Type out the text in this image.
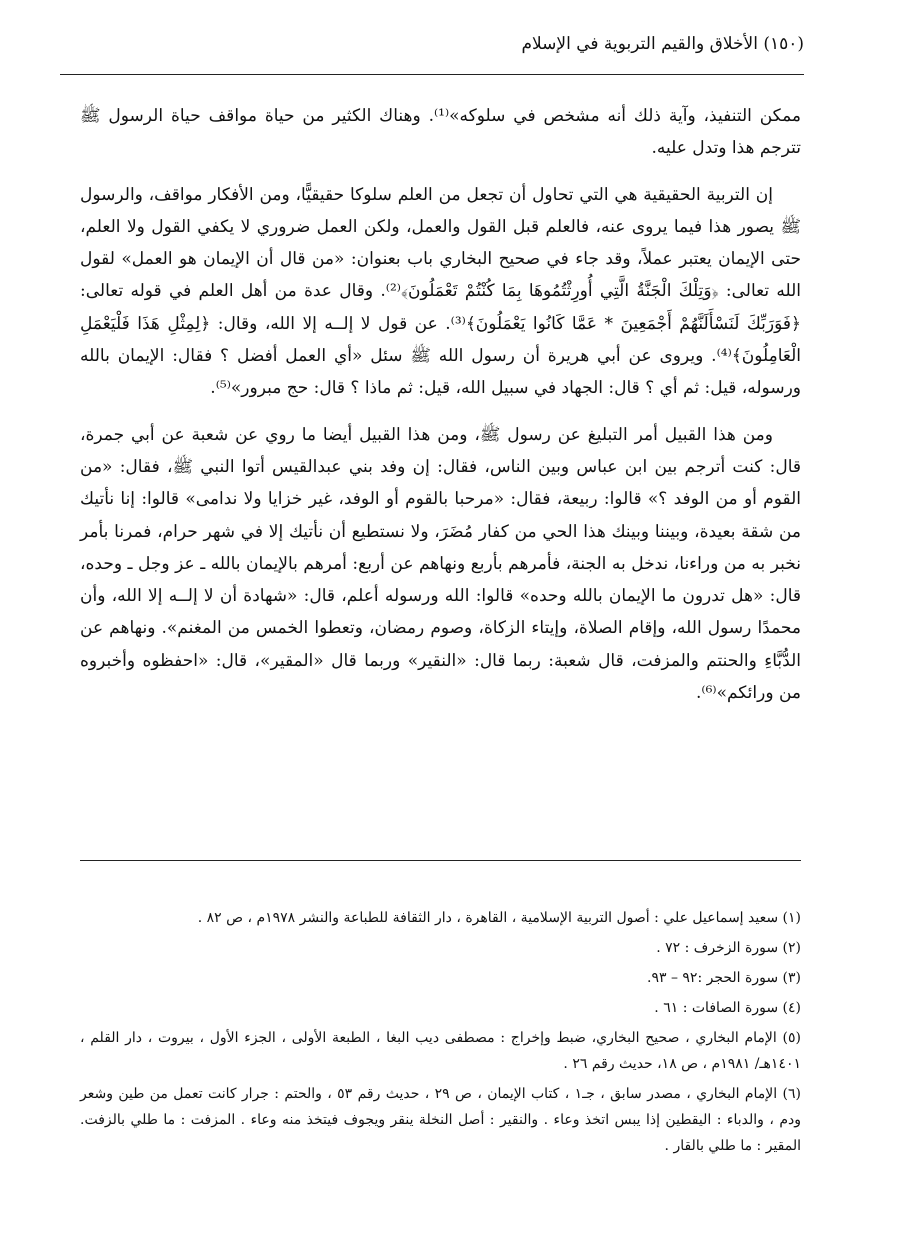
(١٥٠) الأخلاق والقيم التربوية في الإسلام

ممكن التنفيذ، وآية ذلك أنه مشخص في سلوكه»⁽¹⁾. وهناك الكثير من حياة مواقف حياة الرسول ﷺ تترجم هذا وتدل عليه.

إن التربية الحقيقية هي التي تحاول أن تجعل من العلم سلوكا حقيقيًّا، ومن الأفكار مواقف، والرسول ﷺ يصور هذا فيما يروى عنه، فالعلم قبل القول والعمل، ولكن العمل ضروري لا يكفي القول ولا العلم، حتى الإيمان يعتبر عملاً، وقد جاء في صحيح البخاري باب بعنوان: «من قال أن الإيمان هو العمل» لقول الله تعالى: ﴿وَتِلْكَ الْجَنَّةُ الَّتِي أُورِثْتُمُوهَا بِمَا كُنْتُمْ تَعْمَلُونَ﴾⁽²⁾. وقال عدة من أهل العلم في قوله تعالى: ﴿فَوَرَبِّكَ لَنَسْأَلَنَّهُمْ أَجْمَعِينَ * عَمَّا كَانُوا يَعْمَلُونَ﴾⁽³⁾. عن قول لا إلــه إلا الله، وقال: ﴿لِمِثْلِ هَذَا فَلْيَعْمَلِ الْعَامِلُونَ﴾⁽⁴⁾. ويروى عن أبي هريرة أن رسول الله ﷺ سئل «أي العمل أفضل ؟ فقال: الإيمان بالله ورسوله، قيل: ثم أي ؟ قال: الجهاد في سبيل الله، قيل: ثم ماذا ؟ قال: حج مبرور»⁽⁵⁾.

ومن هذا القبيل أمر التبليغ عن رسول ﷺ، ومن هذا القبيل أيضا ما روي عن شعبة عن أبي جمرة، قال: كنت أترجم بين ابن عباس وبين الناس، فقال: إن وفد بني عبدالقيس أتوا النبي ﷺ، فقال: «من القوم أو من الوفد ؟» قالوا: ربيعة، فقال: «مرحبا بالقوم أو الوفد، غير خزايا ولا ندامى» قالوا: إنا نأتيك من شقة بعيدة، وبيننا وبينك هذا الحي من كفار مُضَرَ، ولا نستطيع أن نأتيك إلا في شهر حرام، فمرنا بأمر نخبر به من وراءنا، ندخل به الجنة، فأمرهم بأربع ونهاهم عن أربع: أمرهم بالإيمان بالله ـ عز وجل ـ وحده، قال: «هل تدرون ما الإيمان بالله وحده» قالوا: الله ورسوله أعلم، قال: «شهادة أن لا إلــه إلا الله، وأن محمدًا رسول الله، وإقام الصلاة، وإيتاء الزكاة، وصوم رمضان، وتعطوا الخمس من المغنم». ونهاهم عن الدُّبَّاءِ والحنتم والمزفت، قال شعبة: ربما قال: «النقير» وربما قال «المقير»، قال: «احفظوه وأخبروه من ورائكم»⁽⁶⁾.

(١) سعيد إسماعيل علي : أصول التربية الإسلامية ، القاهرة ، دار الثقافة للطباعة والنشر ١٩٧٨م ، ص ٨٢ .
(٢) سورة الزخرف : ٧٢ .
(٣) سورة الحجر :٩٢ – ٩٣.
(٤) سورة الصافات : ٦١ .
(٥) الإمام البخاري ، صحيح البخاري، ضبط وإخراج : مصطفى ديب البغا ، الطبعة الأولى ، الجزء الأول ، بيروت ، دار القلم ، ١٤٠١هـ/ ١٩٨١م ، ص ١٨، حديث رقم ٢٦ .
(٦) الإمام البخاري ، مصدر سابق ، جـ١ ، كتاب الإيمان ، ص ٢٩ ، حديث رقم ٥٣ ، والحتم : جرار كانت تعمل من طين وشعر ودم ، والدباء : اليقطين إذا يبس اتخذ وعاء . والنقير : أصل النخلة ينقر ويجوف فيتخذ منه وعاء . المزفت : ما طلي بالزفت. المقير : ما طلي بالقار .
